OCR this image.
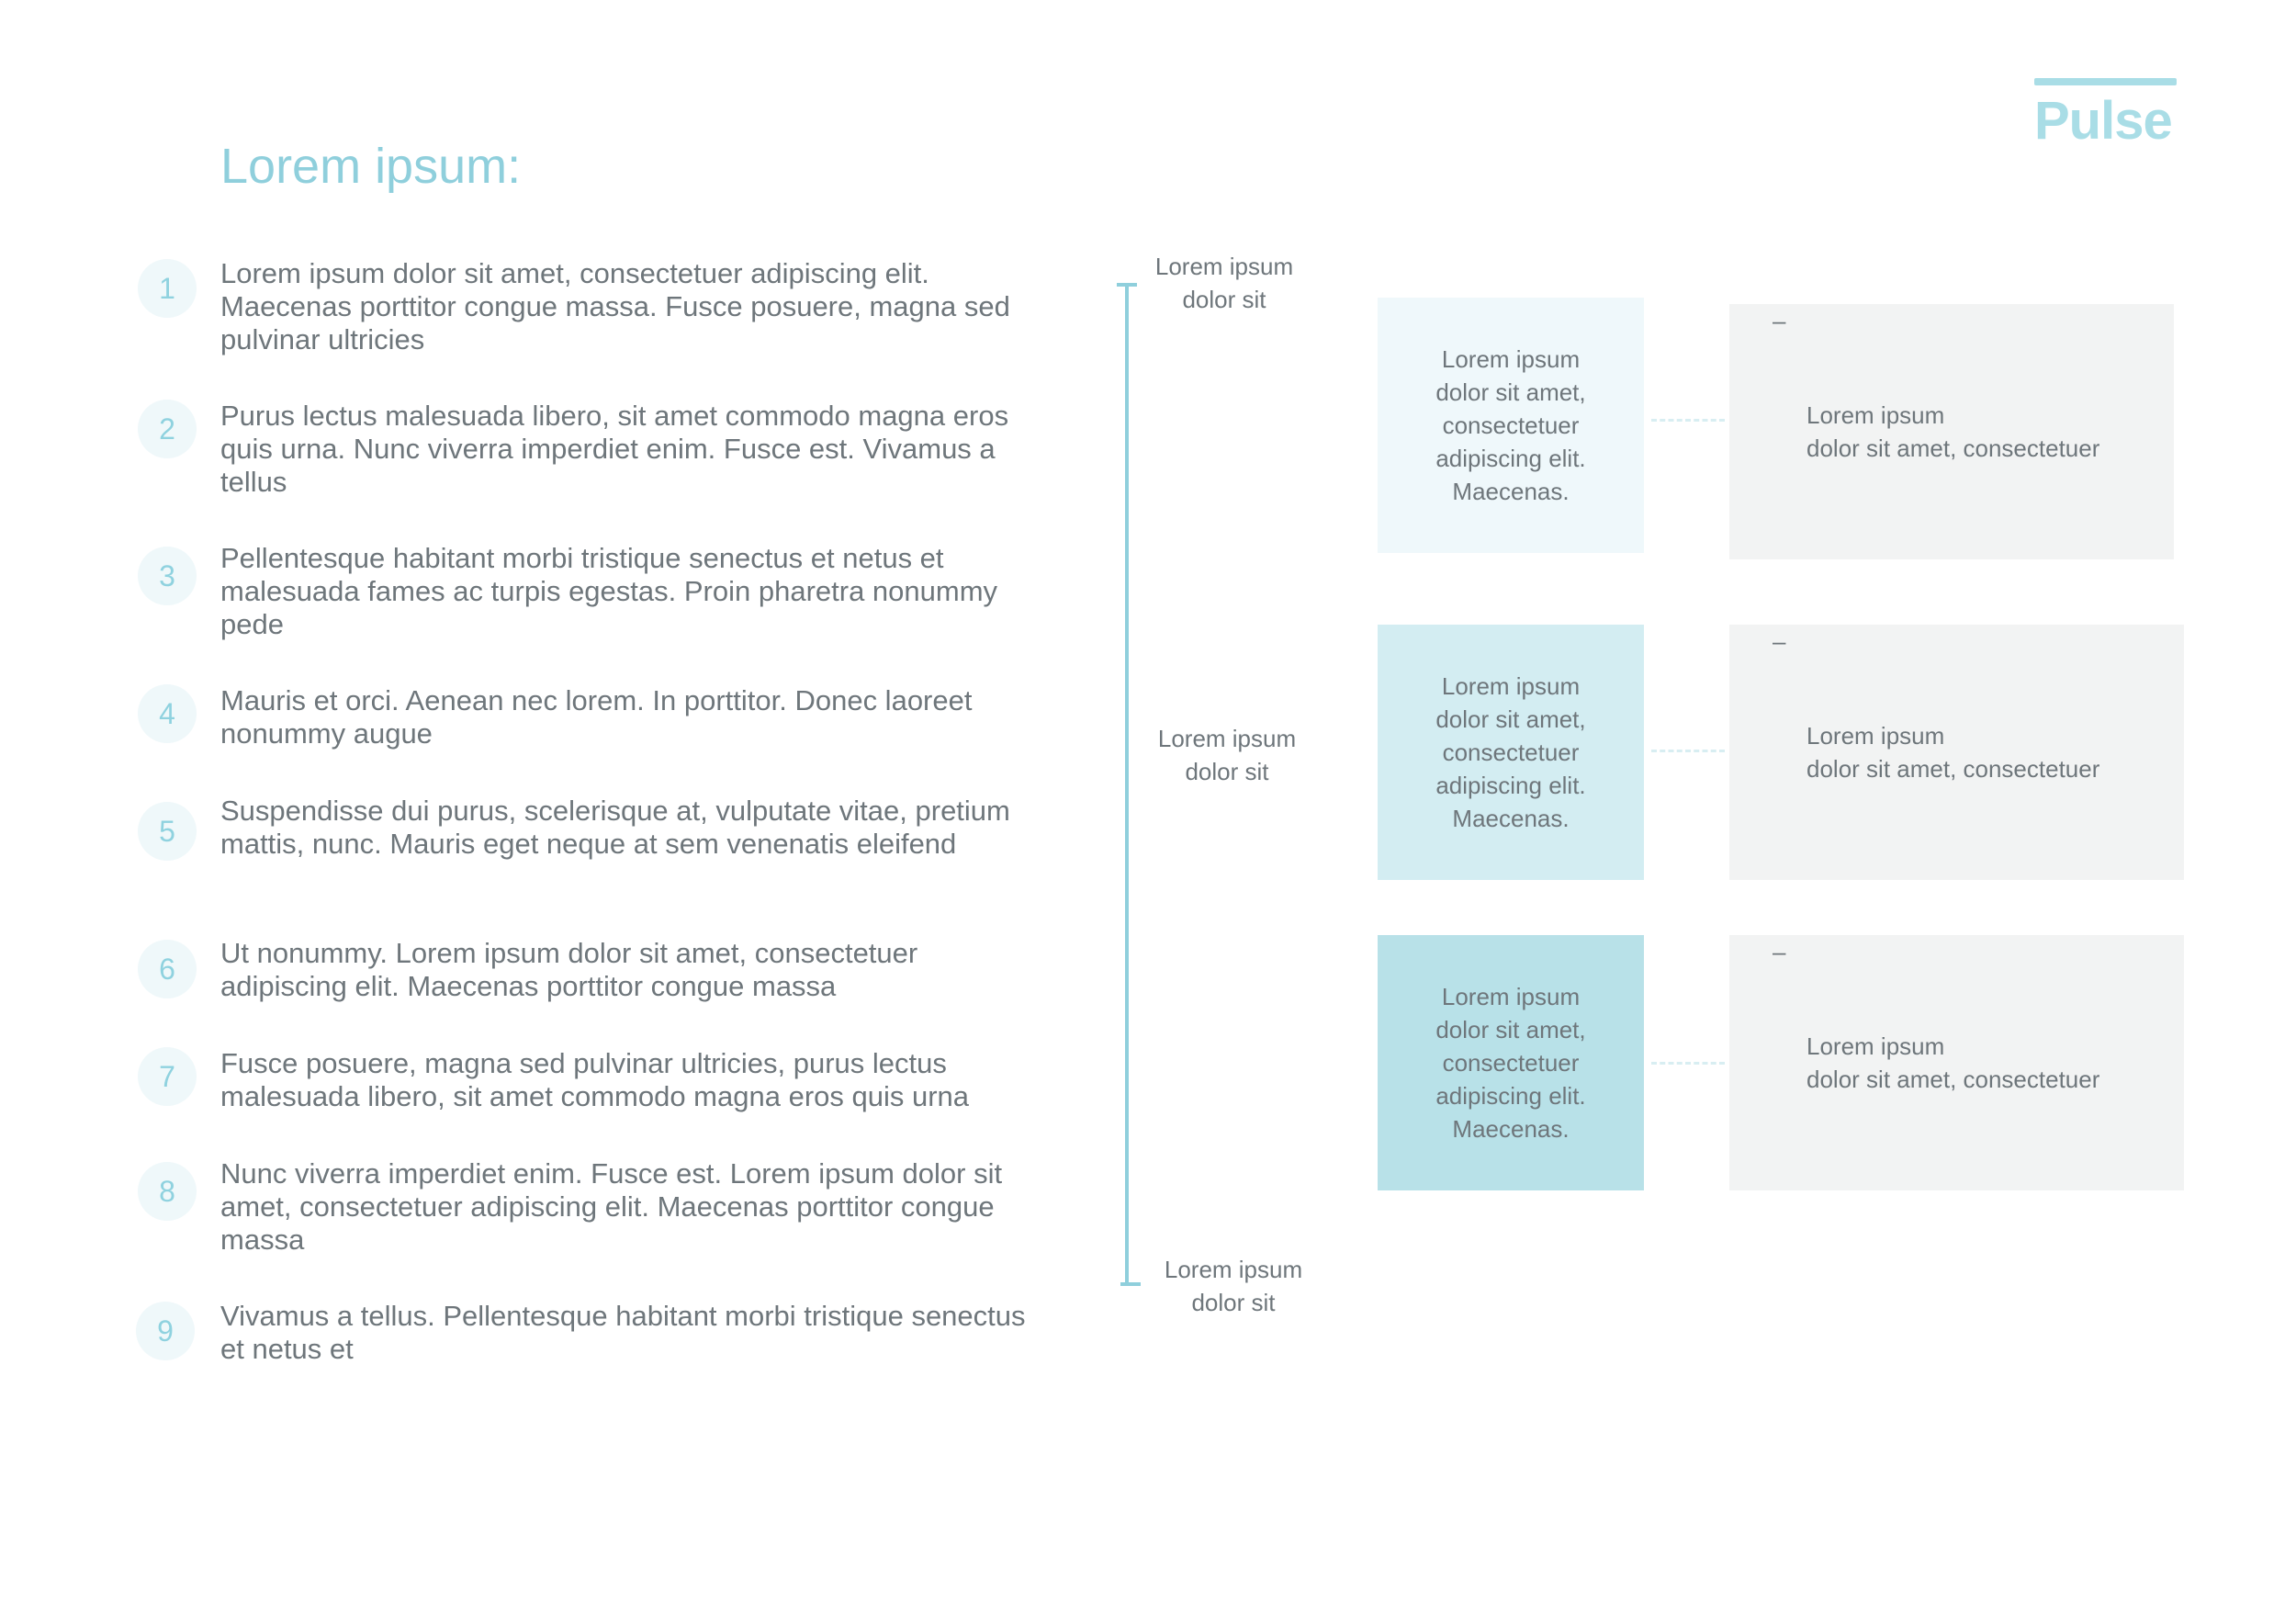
Pulse
Lorem ipsum:
1	Lorem ipsum dolor sit amet, consectetuer adipiscing elit. Maecenas porttitor congue massa. Fusce posuere, magna sed pulvinar ultricies
2	Purus lectus malesuada libero, sit amet commodo magna eros quis urna. Nunc viverra imperdiet enim. Fusce est. Vivamus a tellus
3
Pellentesque habitant morbi tristique senectus et netus et malesuada fames ac turpis egestas. Proin pharetra nonummy pede
4	Mauris et orci. Aenean nec lorem. In porttitor. Donec laoreet nonummy augue
5
Suspendisse dui purus, scelerisque at, vulputate vitae, pretium mattis, nunc. Mauris eget neque at sem venenatis eleifend
6	Ut nonummy. Lorem ipsum dolor sit amet, consectetuer adipiscing elit. Maecenas porttitor congue massa
7	Fusce posuere, magna sed pulvinar ultricies, purus lectus malesuada libero, sit amet commodo magna eros quis urna
8
Nunc viverra imperdiet enim. Fusce est. Lorem ipsum dolor sit amet, consectetuer adipiscing elit. Maecenas porttitor congue massa
9	Vivamus a tellus. Pellentesque habitant morbi tristique senectus et netus et
Lorem ipsum
dolor sit
Lorem ipsum
dolor sit
Lorem ipsum
dolor sit
Lorem ipsum
dolor sit amet,
consectetuer
adipiscing elit.
Maecenas.
–
Lorem ipsum
dolor sit amet, consectetuer
Lorem ipsum
dolor sit amet,
consectetuer
adipiscing elit.
Maecenas.
–
Lorem ipsum
dolor sit amet, consectetuer
Lorem ipsum
dolor sit amet,
consectetuer
adipiscing elit.
Maecenas.
–
Lorem ipsum
dolor sit amet, consectetuer
